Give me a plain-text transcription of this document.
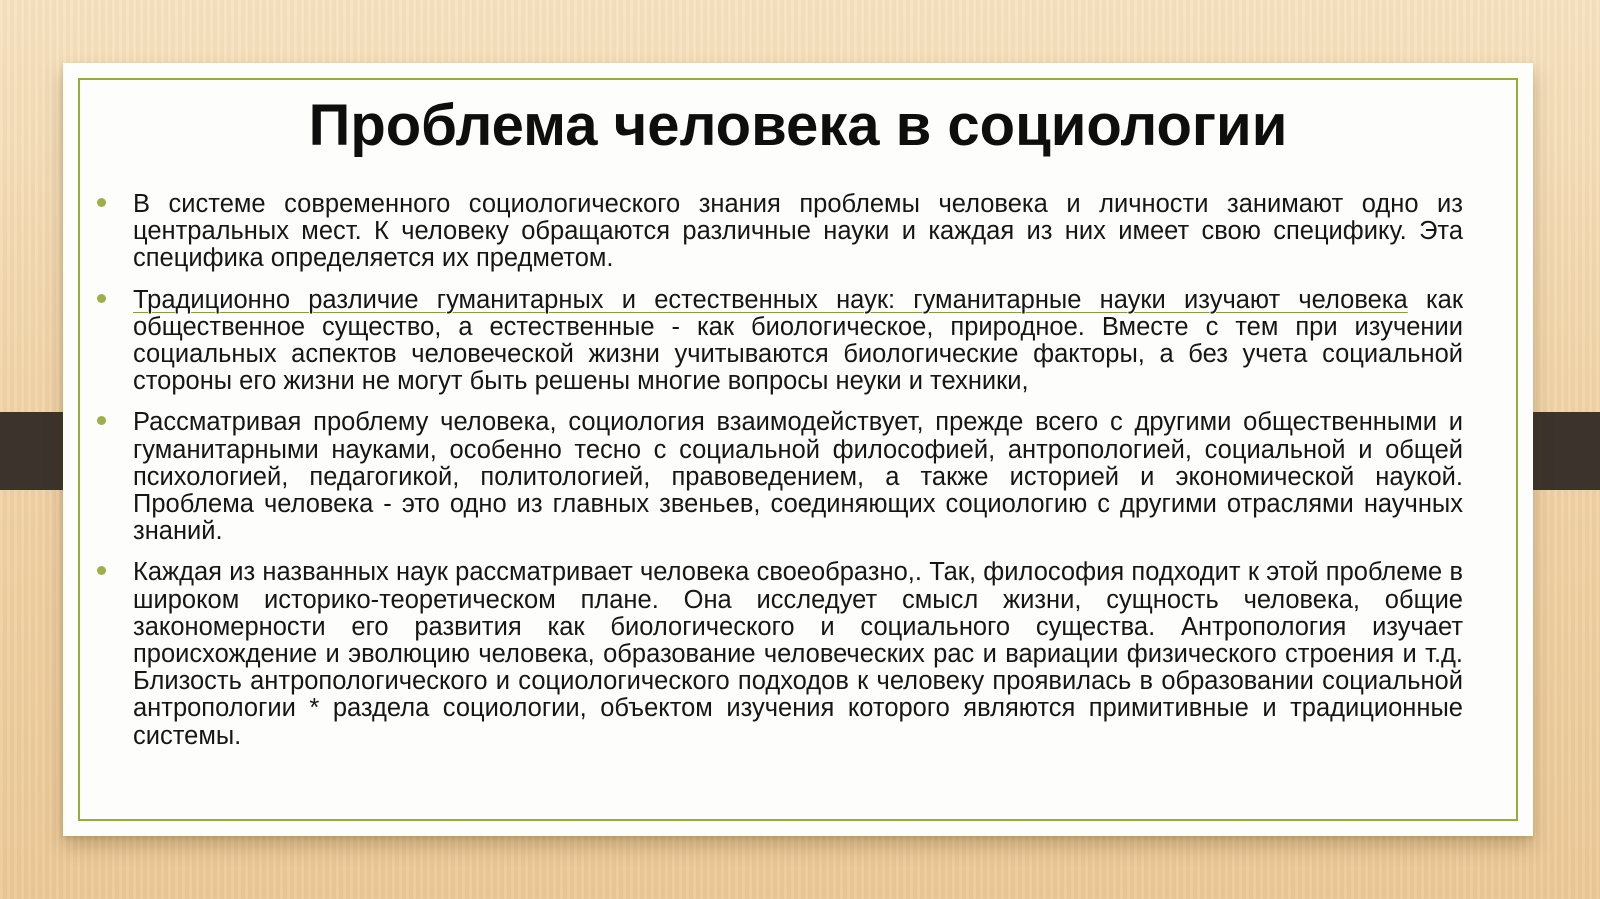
Проблема человека в социологии
В системе современного социологического знания проблемы человека и личности занимают одно из центральных мест. К человеку обращаются различные науки и каждая из них имеет свою специфику. Эта специфика определяется их предметом.
Традиционно различие гуманитарных и естественных наук: гуманитарные науки изучают человека как общественное существо, а естественные - как биологическое, природное. Вместе с тем при изучении социальных аспектов человеческой жизни учитываются биологические факторы, а без учета социальной стороны его жизни не могут быть решены многие вопросы неуки и техники,
Рассматривая проблему человека, социология взаимодействует, прежде всего с другими общественными и гуманитарными науками, особенно тесно с социальной философией, антропологией, социальной и общей психологией, педагогикой, политологией, правоведением, а также историей и экономической наукой. Проблема человека - это одно из главных звеньев, соединяющих социологию с другими отраслями научных знаний.
Каждая из названных наук рассматривает человека своеобразно,. Так, философия подходит к этой проблеме в широком историко-теоретическом плане. Она исследует смысл жизни, сущность человека, общие закономерности его развития как биологического и социального существа. Антропология изучает происхождение и эволюцию человека, образование человеческих рас и вариации физического строения и т.д. Близость антропологического и социологического подходов к человеку проявилась в образовании социальной антропологии * раздела социологии, объектом изучения которого являются примитивные и традиционные системы.
